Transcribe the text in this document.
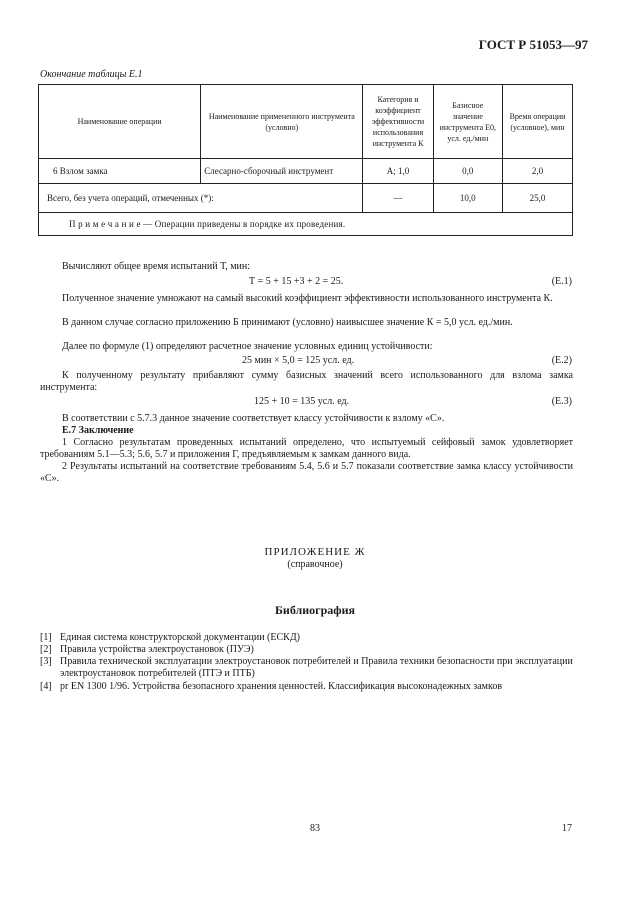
ГОСТ Р 51053—97
Окончание таблицы Е.1
Наименование операции	Наименование примененного инструмента (условно)	Категория и коэффициент эффективности использования инструмента К	Базисное значение инструмента Е0, усл. ед./мин	Время операции (условное), мин
6 Взлом замка	Слесарно-сборочный инструмент	А; 1,0	0,0	2,0
Всего, без учета операций, отмеченных (*):		—	10,0	25,0
П р и м е ч а н и е — Операции приведены в порядке их проведения.				

Вычисляют общее время испытаний Т, мин:

Т = 5 + 15 +3 + 2 = 25.	(Е.1)

Полученное значение умножают на самый высокий коэффициент эффективности использованного инструмента К.

В данном случае согласно приложению Б принимают (условно) наивысшее значение К = 5,0 усл. ед./мин.

Далее по формуле (1) определяют расчетное значение условных единиц устойчивости:

25 мин × 5,0 = 125 усл. ед.	(Е.2)

К полученному результату прибавляют сумму базисных значений всего использованного для взлома замка инструмента:

125 + 10 = 135 усл. ед.	(Е.3)

В соответствии с 5.7.3 данное значение соответствует классу устойчивости к взлому «С».

Е.7 Заключение

1 Согласно результатам проведенных испытаний определено, что испытуемый сейфовый замок удовлетворяет требованиям 5.1—5.3; 5.6, 5.7 и приложения Г, предъявляемым к замкам данного вида.

2 Результаты испытаний на соответствие требованиям 5.4, 5.6 и 5.7 показали соответствие замка классу устойчивости «С».

ПРИЛОЖЕНИЕ Ж
(справочное)
Библиография
[1] Единая система конструкторской документации (ЕСКД)
[2] Правила устройства электроустановок (ПУЭ)
[3] Правила технической эксплуатации электроустановок потребителей и Правила техники безопасности при эксплуатации электроустановок потребителей (ПТЭ и ПТБ)
[4] pr EN 1300 1/96. Устройства безопасного хранения ценностей. Классификация высоконадежных замков
83	17
